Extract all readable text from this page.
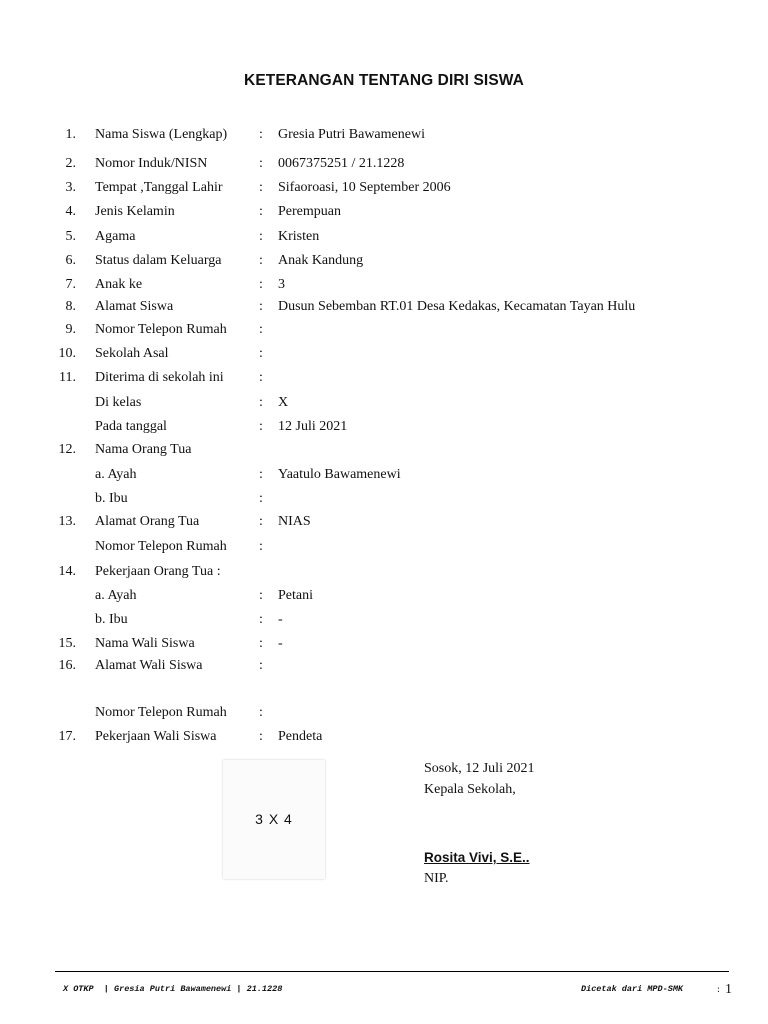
KETERANGAN TENTANG DIRI SISWA
1. Nama Siswa (Lengkap) : Gresia Putri Bawamenewi
2. Nomor Induk/NISN	: 0067375251 / 21.1228
3. Tempat ,Tanggal Lahir	: Sifaoroasi, 10 September 2006
4. Jenis Kelamin	: Perempuan
5. Agama	: Kristen
6. Status dalam Keluarga	: Anak Kandung
7. Anak ke	: 3
8. Alamat Siswa	: Dusun Sebemban RT.01 Desa Kedakas, Kecamatan Tayan Hulu
9. Nomor Telepon Rumah :
10. Sekolah Asal	:
11. Diterima di sekolah ini	:
Di kelas	: X
Pada tanggal	: 12 Juli 2021
12. Nama Orang Tua
a. Ayah	: Yaatulo Bawamenewi
b. Ibu	:
13. Alamat Orang Tua	: NIAS
Nomor Telepon Rumah :
14. Pekerjaan Orang Tua :
a. Ayah	: Petani
b. Ibu	: -
15. Nama Wali Siswa	: -
16. Alamat Wali Siswa	:
Nomor Telepon Rumah :
17. Pekerjaan Wali Siswa	: Pendeta
3 X 4
Sosok, 12 Juli 2021
Kepala Sekolah,
Rosita Vivi, S.E..
NIP.
X OTKP  | Gresia Putri Bawamenewi | 21.1228	Dicetak dari MPD-SMK	: 1
